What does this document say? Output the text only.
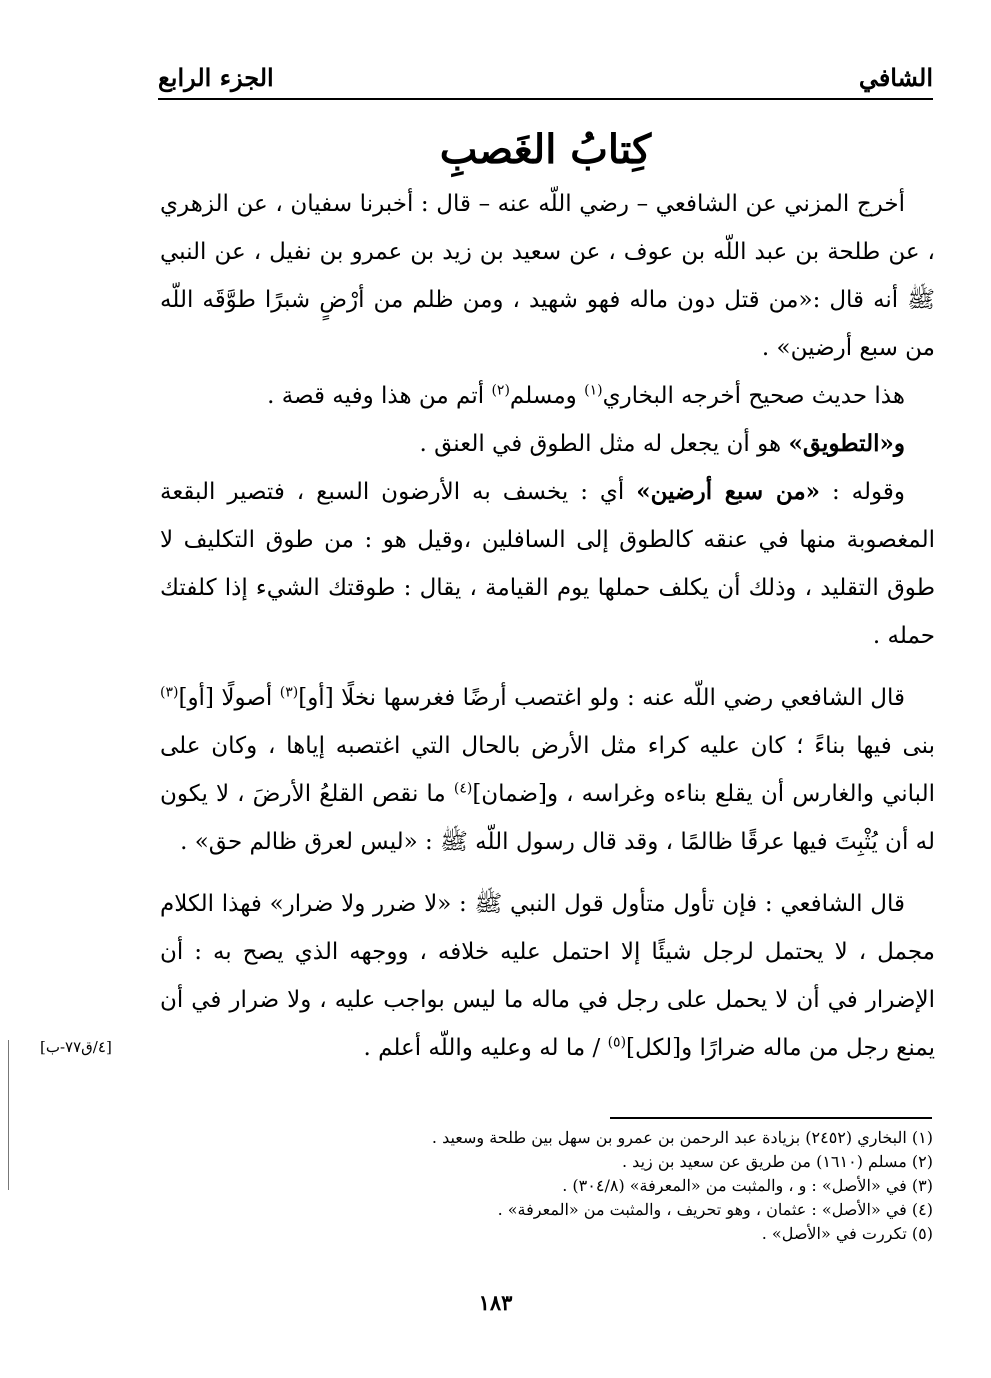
الشافي
الجزء الرابع
كِتابُ الغَصبِ

أخرج المزني عن الشافعي – رضي اللّه عنه – قال : أخبرنا سفيان ، عن الزهري ، عن طلحة بن عبد اللّه بن عوف ، عن سعيد بن زيد بن عمرو بن نفيل ، عن النبي ﷺ أنه قال :«من قتل دون ماله فهو شهيد ، ومن ظلم من أرْضٍ شبرًا طوَّقَه اللّه من سبع أرضين» .

هذا حديث صحيح أخرجه البخاري$^{(١)}$ ومسلم$^{(٢)}$ أتم من هذا وفيه قصة .

و«التطويق» هو أن يجعل له مثل الطوق في العنق .

وقوله : «من سبع أرضين» أي : يخسف به الأرضون السبع ، فتصير البقعة المغصوبة منها في عنقه كالطوق إلى السافلين ،وقيل هو : من طوق التكليف لا طوق التقليد ، وذلك أن يكلف حملها يوم القيامة ، يقال : طوقتك الشيء إذا كلفتك حمله .

قال الشافعي رضي اللّه عنه : ولو اغتصب أرضًا فغرسها نخلًا [أو]$^{(٣)}$ أصولًا [أو]$^{(٣)}$ بنى فيها بناءً ؛ كان عليه كراء مثل الأرض بالحال التي اغتصبه إياها ، وكان على الباني والغارس أن يقلع بناءه وغراسه ، و[ضمان]$^{(٤)}$ ما نقص القلعُ الأرضَ ، لا يكون له أن يُثْبِتَ فيها عرقًا ظالمًا ، وقد قال رسول اللّه ﷺ : «ليس لعرق ظالم حق» .

قال الشافعي : فإن تأول متأول قول النبي ﷺ : «لا ضرر ولا ضرار» فهذا الكلام مجمل ، لا يحتمل لرجل شيئًا إلا احتمل عليه خلافه ، ووجهه الذي يصح به : أن الإضرار في أن لا يحمل على رجل في ماله ما ليس بواجب عليه ، ولا ضرار في أن يمنع رجل من ماله ضرارًا و[لكل]$^{(٥)}$ / ما له وعليه واللّه أعلم .

[٤/ق٧٧-ب]
(١) البخاري (٢٤٥٢) بزيادة عبد الرحمن بن عمرو بن سهل بين طلحة وسعيد .
(٢) مسلم (١٦١٠) من طريق عن سعيد بن زيد .
(٣) في «الأصل» : و ، والمثبت من «المعرفة» (٣٠٤/٨) .
(٤) في «الأصل» : عثمان ، وهو تحريف ، والمثبت من «المعرفة» .
(٥) تكررت في «الأصل» .
١٨٣
